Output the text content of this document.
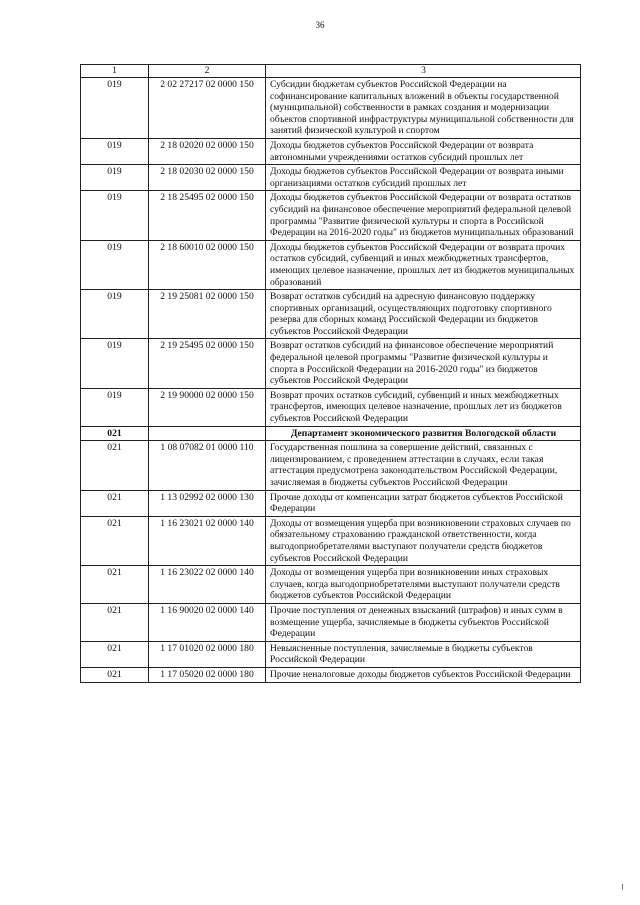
36
1	2	3
019	2 02 27217 02 0000 150	Субсидии бюджетам субъектов Российской Федерации на софинансирование капитальных вложений в объекты государственной (муниципальной) собственности в рамках создания и модернизации объектов спортивной инфраструктуры муниципальной собственности для занятий физической культурой и спортом
019	2 18 02020 02 0000 150	Доходы бюджетов субъектов Российской Федерации от возврата автономными учреждениями остатков субсидий прошлых лет
019	2 18 02030 02 0000 150	Доходы бюджетов субъектов Российской Федерации от возврата иными организациями остатков субсидий прошлых лет
019	2 18 25495 02 0000 150	Доходы бюджетов субъектов Российской Федерации от возврата остатков субсидий на финансовое обеспечение мероприятий федеральной целевой программы "Развитие физической культуры и спорта в Российской Федерации на 2016-2020 годы" из бюджетов муниципальных образований
019	2 18 60010 02 0000 150	Доходы бюджетов субъектов Российской Федерации от возврата прочих остатков субсидий, субвенций и иных межбюджетных трансфертов, имеющих целевое назначение, прошлых лет из бюджетов муниципальных образований
019	2 19 25081 02 0000 150	Возврат остатков субсидий на адресную финансовую поддержку спортивных организаций, осуществляющих подготовку спортивного резерва для сборных команд Российской Федерации из бюджетов субъектов Российской Федерации
019	2 19 25495 02 0000 150	Возврат остатков субсидий на финансовое обеспечение мероприятий федеральной целевой программы "Развитие физической культуры и спорта в Российской Федерации на 2016-2020 годы" из бюджетов субъектов Российской Федерации
019	2 19 90000 02 0000 150	Возврат прочих остатков субсидий, субвенций и иных межбюджетных трансфертов, имеющих целевое назначение, прошлых лет из бюджетов субъектов Российской Федерации
021		Департамент экономического развития Вологодской области
021	1 08 07082 01 0000 110	Государственная пошлина за совершение действий, связанных с лицензированием, с проведением аттестации в случаях, если такая аттестация предусмотрена законодательством Российской Федерации, зачисляемая в бюджеты субъектов Российской Федерации
021	1 13 02992 02 0000 130	Прочие доходы от компенсации затрат бюджетов субъектов Российской Федерации
021	1 16 23021 02 0000 140	Доходы от возмещения ущерба при возникновении страховых случаев по обязательному страхованию гражданской ответственности, когда выгодоприобретателями выступают получатели средств бюджетов субъектов Российской Федерации
021	1 16 23022 02 0000 140	Доходы от возмещения ущерба при возникновении иных страховых случаев, когда выгодоприобретателями выступают получатели средств бюджетов субъектов Российской Федерации
021	1 16 90020 02 0000 140	Прочие поступления от денежных взысканий (штрафов) и иных сумм в возмещение ущерба, зачисляемые в бюджеты субъектов Российской Федерации
021	1 17 01020 02 0000 180	Невыясненные поступления, зачисляемые в бюджеты субъектов Российской Федерации
021	1 17 05020 02 0000 180	Прочие неналоговые доходы бюджетов субъектов Российской Федерации
